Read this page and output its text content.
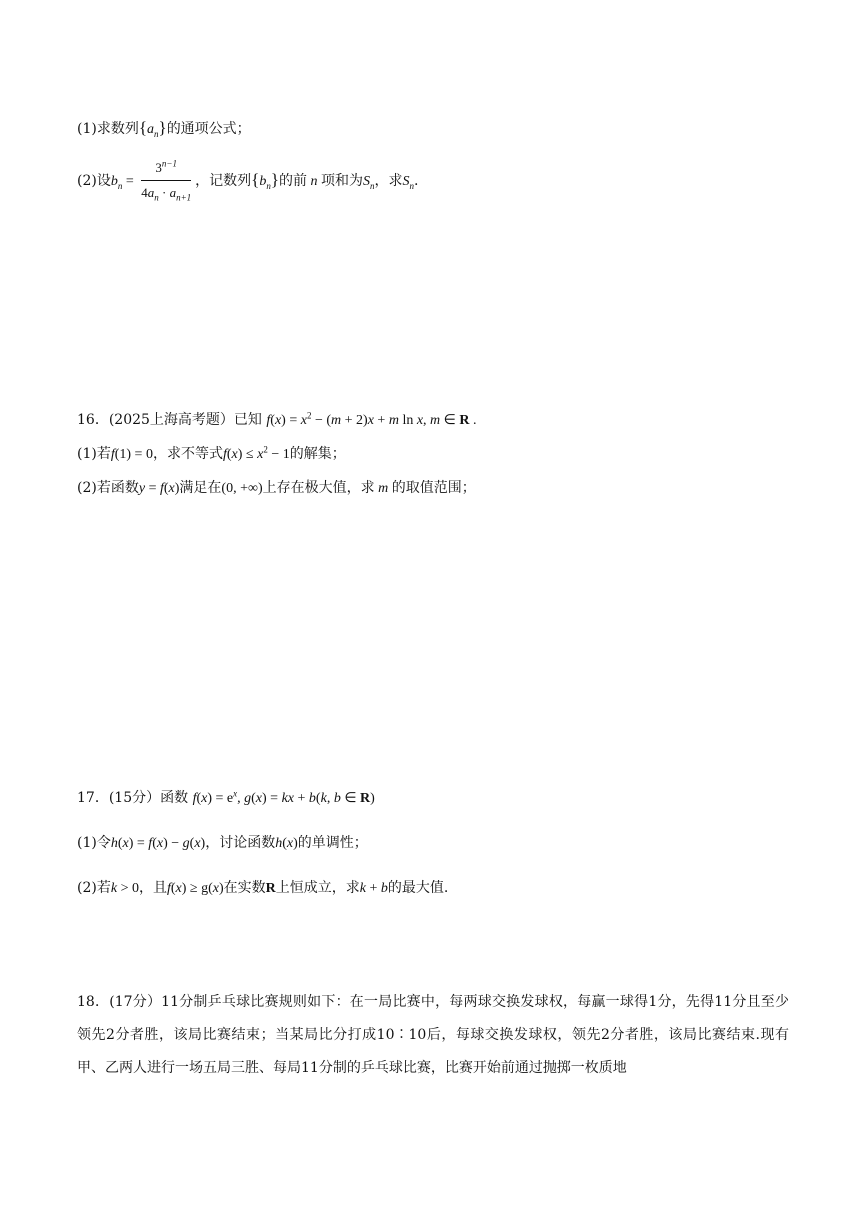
(1)求数列$\{a_n\}$的通项公式；
(2)设$b_n = \frac{3^{n-1}}{4a_n \cdot a_{n+1}}$ ，记数列$\{b_n\}$的前 n 项和为$S_n$，求$S_n$.
16．(2025上海高考题）已知 $f(x) = x^2 - (m + 2)x + m$ ln x, m ∈ R .
(1)若f(1) = 0，求不等式$f(x) \le x^2 - 1$的解集；
(2)若函数y = f(x)满足在(0, +∞)上存在极大值，求 m 的取值范围；
17．(15分）函数 $f(x) = e^x$, g(x) = kx + b(k, b ∈ R)
(1)令h(x) = f(x) − g(x)，讨论函数h(x)的单调性；
(2)若k > 0，且f(x) ≥ g(x)在实数R上恒成立，求k + b的最大值.
18．(17分）11分制乒乓球比赛规则如下：在一局比赛中，每两球交换发球权，每赢一球得1分，先得11分且至少领先2分者胜，该局比赛结束；当某局比分打成10∶10后，每球交换发球权，领先2分者胜，该局比赛结束.现有甲、乙两人进行一场五局三胜、每局11分制的乒乓球比赛，比赛开始前通过抛掷一枚质地
